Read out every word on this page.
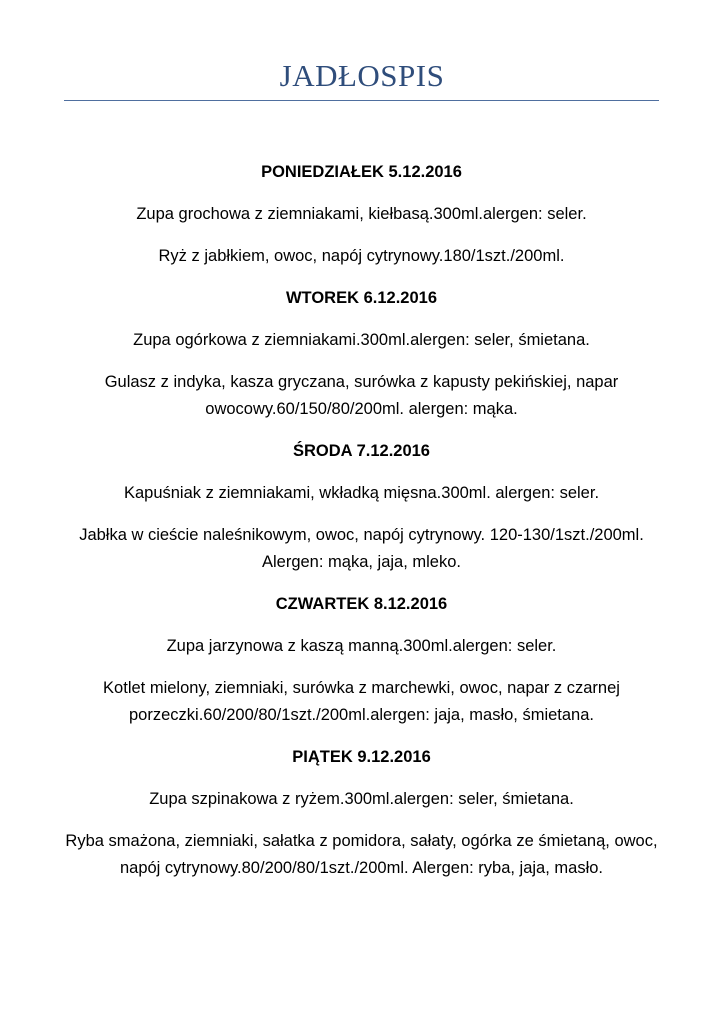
JADŁOSPIS
PONIEDZIAŁEK 5.12.2016
Zupa grochowa z ziemniakami, kiełbasą.300ml.alergen: seler.
Ryż z jabłkiem, owoc, napój cytrynowy.180/1szt./200ml.
WTOREK 6.12.2016
Zupa ogórkowa z ziemniakami.300ml.alergen: seler, śmietana.
Gulasz z indyka, kasza gryczana, surówka z kapusty pekińskiej, napar owocowy.60/150/80/200ml. alergen: mąka.
ŚRODA 7.12.2016
Kapuśniak z ziemniakami, wkładką mięsna.300ml. alergen: seler.
Jabłka w cieście naleśnikowym, owoc, napój cytrynowy. 120-130/1szt./200ml. Alergen: mąka, jaja, mleko.
CZWARTEK 8.12.2016
Zupa jarzynowa z kaszą manną.300ml.alergen: seler.
Kotlet mielony, ziemniaki, surówka z marchewki, owoc, napar z czarnej porzeczki.60/200/80/1szt./200ml.alergen: jaja, masło, śmietana.
PIĄTEK 9.12.2016
Zupa szpinakowa z ryżem.300ml.alergen: seler, śmietana.
Ryba smażona, ziemniaki, sałatka z pomidora, sałaty, ogórka ze śmietaną, owoc, napój cytrynowy.80/200/80/1szt./200ml. Alergen: ryba, jaja, masło.
